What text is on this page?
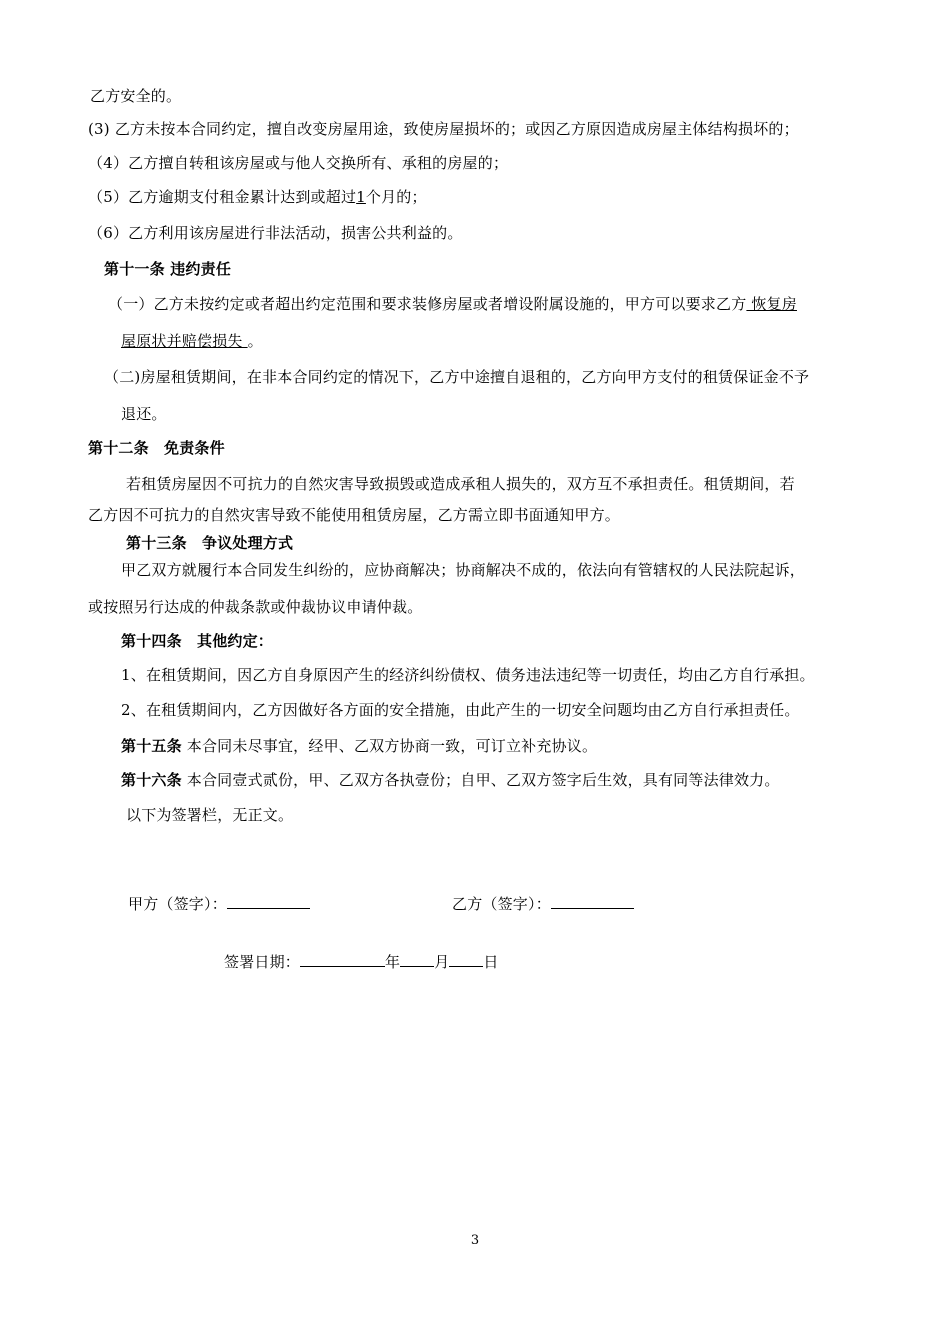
乙方安全的。
(3) 乙方未按本合同约定，擅自改变房屋用途，致使房屋损坏的；或因乙方原因造成房屋主体结构损坏的；
（4）乙方擅自转租该房屋或与他人交换所有、承租的房屋的；
（5）乙方逾期支付租金累计达到或超过1个月的；
（6）乙方利用该房屋进行非法活动，损害公共利益的。
第十一条 违约责任
（一）乙方未按约定或者超出约定范围和要求装修房屋或者增设附属设施的，甲方可以要求乙方 恢复房
屋原状并赔偿损失 。
（二)房屋租赁期间，在非本合同约定的情况下，乙方中途擅自退租的，乙方向甲方支付的租赁保证金不予
退还。
第十二条　免责条件
若租赁房屋因不可抗力的自然灾害导致损毁或造成承租人损失的，双方互不承担责任。租赁期间，若
乙方因不可抗力的自然灾害导致不能使用租赁房屋，乙方需立即书面通知甲方。
第十三条　争议处理方式
甲乙双方就履行本合同发生纠纷的，应协商解决；协商解决不成的，依法向有管辖权的人民法院起诉，
或按照另行达成的仲裁条款或仲裁协议申请仲裁。
第十四条　其他约定：
1、在租赁期间，因乙方自身原因产生的经济纠纷债权、债务违法违纪等一切责任，均由乙方自行承担。
2、在租赁期间内，乙方因做好各方面的安全措施，由此产生的一切安全问题均由乙方自行承担责任。
第十五条 本合同未尽事宜，经甲、乙双方协商一致，可订立补充协议。
第十六条 本合同壹式贰份，甲、乙双方各执壹份；自甲、乙双方签字后生效，具有同等法律效力。
以下为签署栏，无正文。
甲方（签字）：	乙方（签字）：
签署日期：	年 月 日
3
